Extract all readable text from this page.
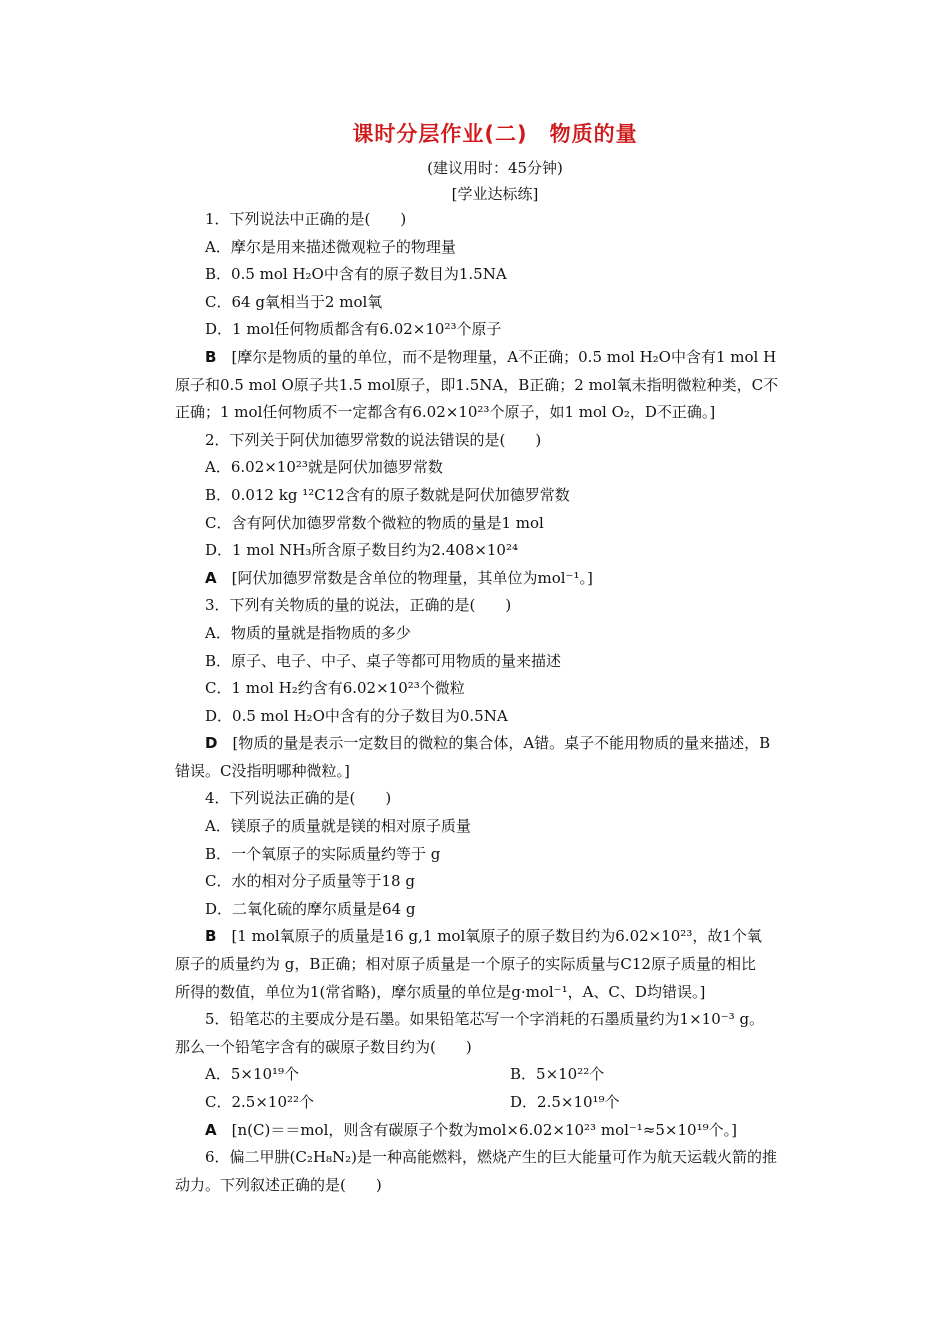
课时分层作业(二)　物质的量
(建议用时：45分钟)
[学业达标练]
1．下列说法中正确的是(　　)
A．摩尔是用来描述微观粒子的物理量
B．0.5 mol H₂O中含有的原子数目为1.5NA
C．64 g氧相当于2 mol氧
D．1 mol任何物质都含有6.02×10²³个原子
B　 [摩尔是物质的量的单位，而不是物理量，A不正确；0.5 mol H₂O中含有1 mol H
原子和0.5 mol O原子共1.5 mol原子，即1.5NA，B正确；2 mol氧未指明微粒种类，C不
正确；1 mol任何物质不一定都含有6.02×10²³个原子，如1 mol O₂，D不正确。]
2．下列关于阿伏加德罗常数的说法错误的是(　　)
A．6.02×10²³就是阿伏加德罗常数
B．0.012 kg ¹²C12含有的原子数就是阿伏加德罗常数
C．含有阿伏加德罗常数个微粒的物质的量是1 mol
D．1 mol NH₃所含原子数目约为2.408×10²⁴
A　 [阿伏加德罗常数是含单位的物理量，其单位为mol⁻¹。]
3．下列有关物质的量的说法，正确的是(　　)
A．物质的量就是指物质的多少
B．原子、电子、中子、桌子等都可用物质的量来描述
C．1 mol H₂约含有6.02×10²³个微粒
D．0.5 mol H₂O中含有的分子数目为0.5NA
D　 [物质的量是表示一定数目的微粒的集合体，A错。桌子不能用物质的量来描述，B
错误。C没指明哪种微粒。]
4．下列说法正确的是(　　)
A．镁原子的质量就是镁的相对原子质量
B．一个氧原子的实际质量约等于 g
C．水的相对分子质量等于18 g
D．二氧化硫的摩尔质量是64 g
B　 [1 mol氧原子的质量是16 g,1 mol氧原子的原子数目约为6.02×10²³，故1个氧
原子的质量约为 g，B正确；相对原子质量是一个原子的实际质量与C12原子质量的相比
所得的数值，单位为1(常省略)，摩尔质量的单位是g·mol⁻¹，A、C、D均错误。]
5．铅笔芯的主要成分是石墨。如果铅笔芯写一个字消耗的石墨质量约为1×10⁻³ g。
那么一个铅笔字含有的碳原子数目约为(　　)
A．5×10¹⁹个	B．5×10²²个
C．2.5×10²²个	D．2.5×10¹⁹个
A　 [n(C)＝＝mol，则含有碳原子个数为mol×6.02×10²³ mol⁻¹≈5×10¹⁹个。]
6．偏二甲肼(C₂H₈N₂)是一种高能燃料，燃烧产生的巨大能量可作为航天运载火箭的推
动力。下列叙述正确的是(　　)
